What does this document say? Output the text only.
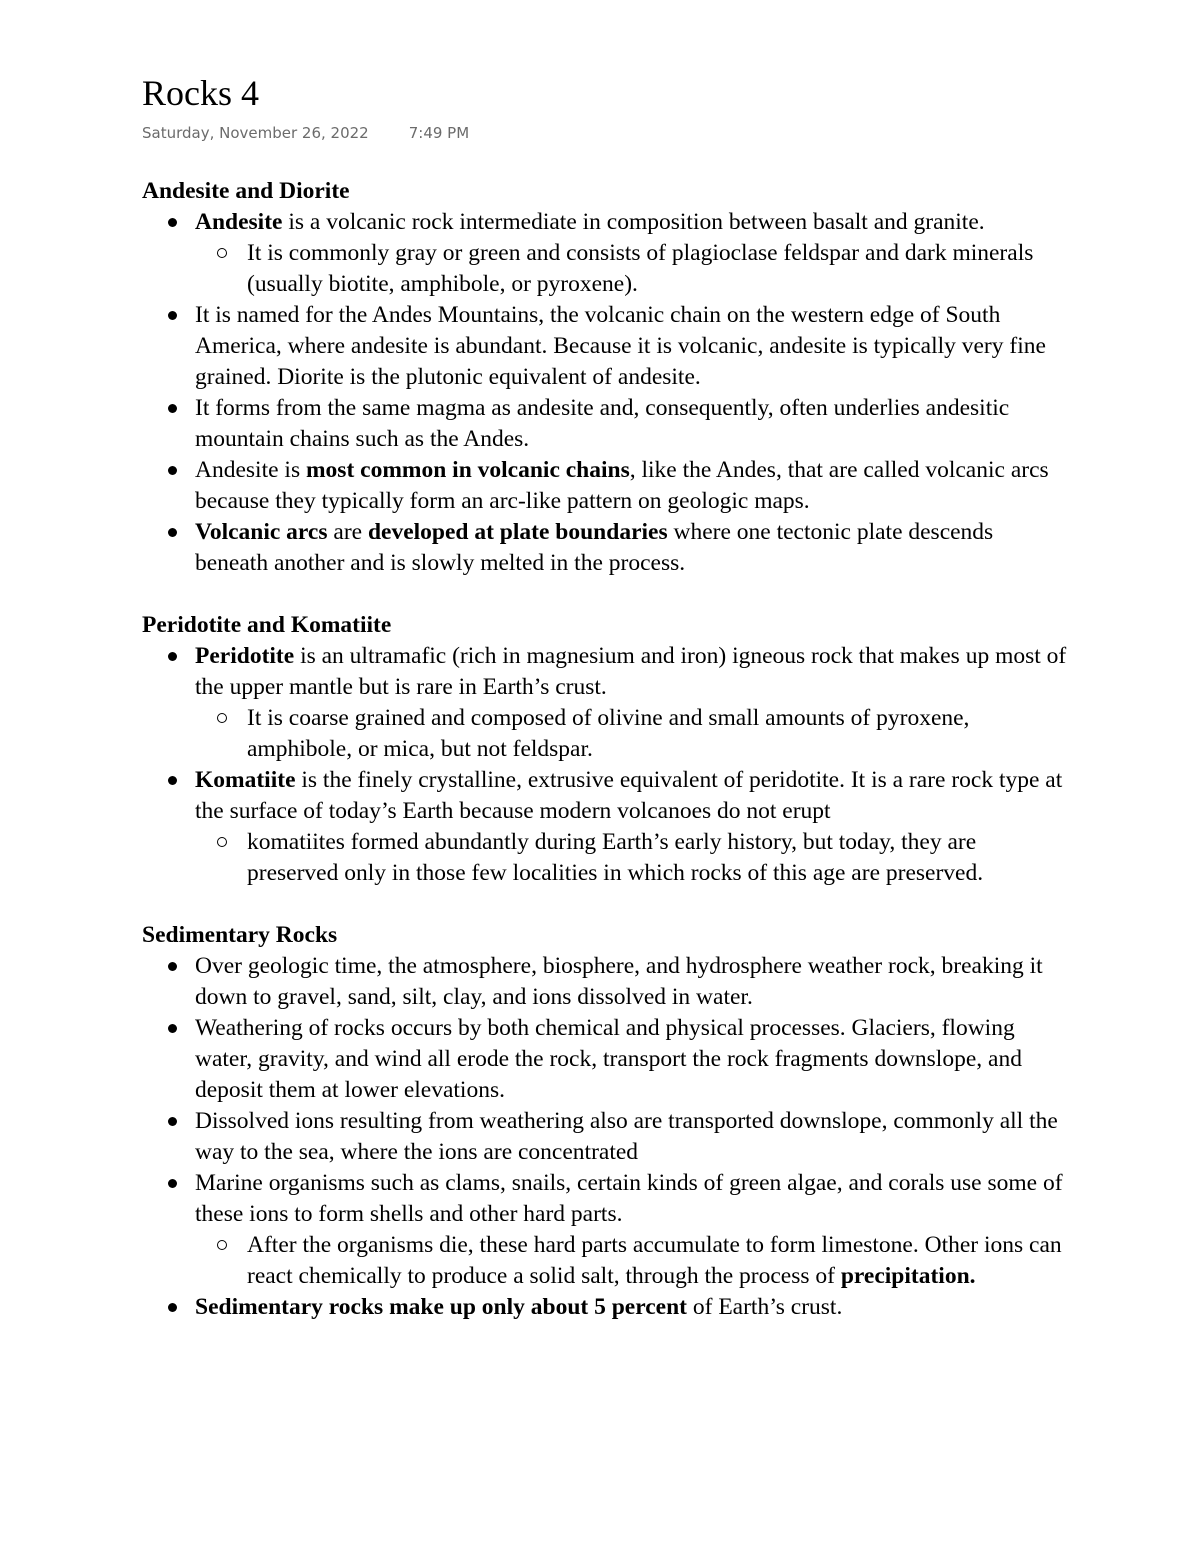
Rocks 4
Saturday, November 26, 2022	7:49 PM
Andesite and Diorite
Andesite is a volcanic rock intermediate in composition between basalt and granite.
It is commonly gray or green and consists of plagioclase feldspar and dark minerals (usually biotite, amphibole, or pyroxene).
It is named for the Andes Mountains, the volcanic chain on the western edge of South America, where andesite is abundant. Because it is volcanic, andesite is typically very fine grained. Diorite is the plutonic equivalent of andesite.
It forms from the same magma as andesite and, consequently, often underlies andesitic mountain chains such as the Andes.
Andesite is most common in volcanic chains, like the Andes, that are called volcanic arcs because they typically form an arc-like pattern on geologic maps.
Volcanic arcs are developed at plate boundaries where one tectonic plate descends beneath another and is slowly melted in the process.
Peridotite and Komatiite
Peridotite is an ultramafic (rich in magnesium and iron) igneous rock that makes up most of the upper mantle but is rare in Earth’s crust.
It is coarse grained and composed of olivine and small amounts of pyroxene, amphibole, or mica, but not feldspar.
Komatiite is the finely crystalline, extrusive equivalent of peridotite. It is a rare rock type at the surface of today’s Earth because modern volcanoes do not erupt
komatiites formed abundantly during Earth’s early history, but today, they are preserved only in those few localities in which rocks of this age are preserved.
Sedimentary Rocks
Over geologic time, the atmosphere, biosphere, and hydrosphere weather rock, breaking it down to gravel, sand, silt, clay, and ions dissolved in water.
Weathering of rocks occurs by both chemical and physical processes. Glaciers, flowing water, gravity, and wind all erode the rock, transport the rock fragments downslope, and deposit them at lower elevations.
Dissolved ions resulting from weathering also are transported downslope, commonly all the way to the sea, where the ions are concentrated
Marine organisms such as clams, snails, certain kinds of green algae, and corals use some of these ions to form shells and other hard parts.
After the organisms die, these hard parts accumulate to form limestone. Other ions can react chemically to produce a solid salt, through the process of precipitation.
Sedimentary rocks make up only about 5 percent of Earth’s crust.
